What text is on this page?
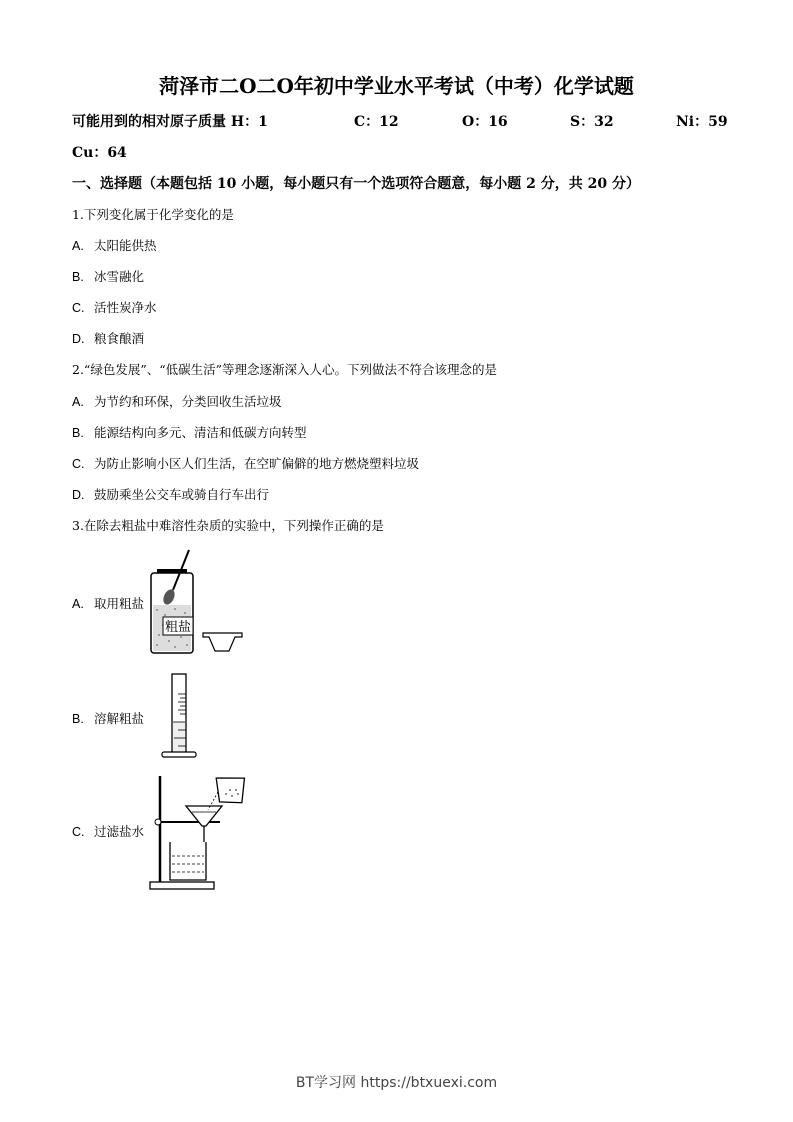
菏泽市二O二O年初中学业水平考试（中考）化学试题
可能用到的相对原子质量 H：1	C：12	O：16	S：32	Ni：59
Cu：64
一、选择题（本题包括 10 小题，每小题只有一个选项符合题意，每小题 2 分，共 20 分）
1.下列变化属于化学变化的是
A. 太阳能供热
B. 冰雪融化
C. 活性炭净水
D. 粮食酿酒
2.“绿色发展”、“低碳生活”等理念逐渐深入人心。下列做法不符合该理念的是
A. 为节约和环保，分类回收生活垃圾
B. 能源结构向多元、清洁和低碳方向转型
C. 为防止影响小区人们生活，在空旷偏僻的地方燃烧塑料垃圾
D. 鼓励乘坐公交车或骑自行车出行
3.在除去粗盐中难溶性杂质的实验中，下列操作正确的是
A. 取用粗盐
粗盐
B. 溶解粗盐
C. 过滤盐水
BT学习网 https://btxuexi.com
